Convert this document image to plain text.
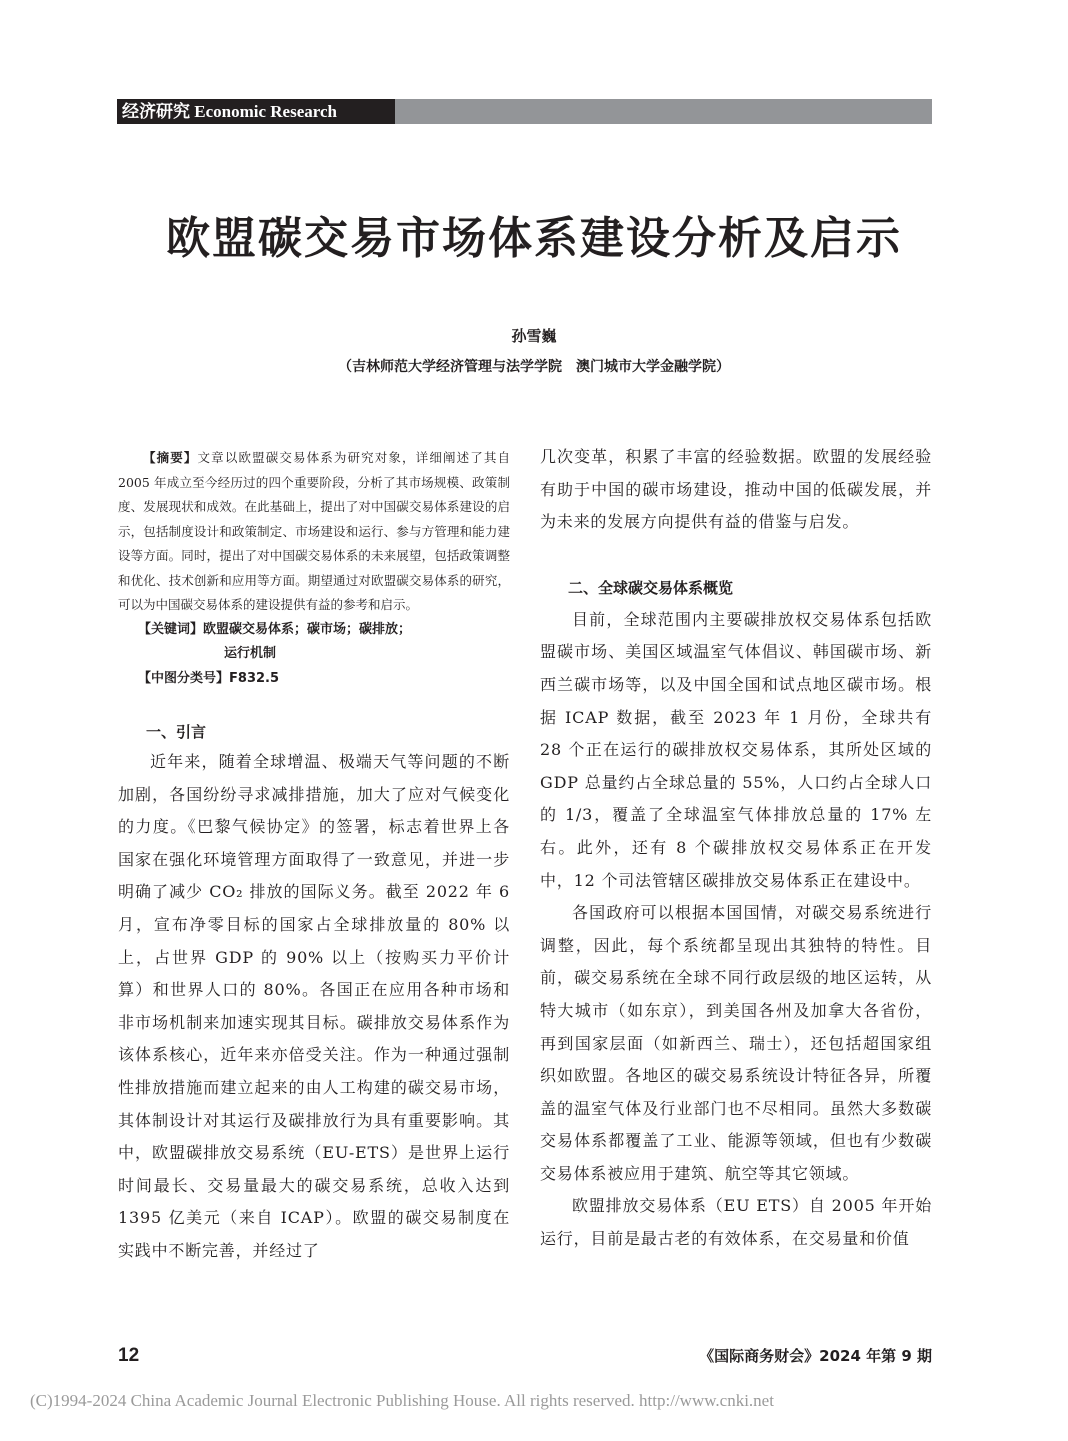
经济研究 Economic Research
欧盟碳交易市场体系建设分析及启示
孙雪巍
（吉林师范大学经济管理与法学学院　澳门城市大学金融学院）

【摘要】文章以欧盟碳交易体系为研究对象，详细阐述了其自 2005 年成立至今经历过的四个重要阶段，分析了其市场规模、政策制度、发展现状和成效。在此基础上，提出了对中国碳交易体系建设的启示，包括制度设计和政策制定、市场建设和运行、参与方管理和能力建设等方面。同时，提出了对中国碳交易体系的未来展望，包括政策调整和优化、技术创新和应用等方面。期望通过对欧盟碳交易体系的研究，可以为中国碳交易体系的建设提供有益的参考和启示。

【关键词】欧盟碳交易体系；碳市场；碳排放；

运行机制

【中图分类号】F832.5

一、引言

近年来，随着全球增温、极端天气等问题的不断加剧，各国纷纷寻求减排措施，加大了应对气候变化的力度。《巴黎气候协定》的签署，标志着世界上各国家在强化环境管理方面取得了一致意见，并进一步明确了减少 CO₂ 排放的国际义务。截至 2022 年 6 月，宣布净零目标的国家占全球排放量的 80% 以上，占世界 GDP 的 90% 以上（按购买力平价计算）和世界人口的 80%。各国正在应用各种市场和非市场机制来加速实现其目标。碳排放交易体系作为该体系核心，近年来亦倍受关注。作为一种通过强制性排放措施而建立起来的由人工构建的碳交易市场，其体制设计对其运行及碳排放行为具有重要影响。其中，欧盟碳排放交易系统（EU-ETS）是世界上运行时间最长、交易量最大的碳交易系统，总收入达到 1395 亿美元（来自 ICAP）。欧盟的碳交易制度在实践中不断完善，并经过了

几次变革，积累了丰富的经验数据。欧盟的发展经验有助于中国的碳市场建设，推动中国的低碳发展，并为未来的发展方向提供有益的借鉴与启发。

二、全球碳交易体系概览

目前，全球范围内主要碳排放权交易体系包括欧盟碳市场、美国区域温室气体倡议、韩国碳市场、新西兰碳市场等，以及中国全国和试点地区碳市场。根据 ICAP 数据，截至 2023 年 1 月份，全球共有 28 个正在运行的碳排放权交易体系，其所处区域的 GDP 总量约占全球总量的 55%，人口约占全球人口的 1/3，覆盖了全球温室气体排放总量的 17% 左右。此外，还有 8 个碳排放权交易体系正在开发中，12 个司法管辖区碳排放交易体系正在建设中。

各国政府可以根据本国国情，对碳交易系统进行调整，因此，每个系统都呈现出其独特的特性。目前，碳交易系统在全球不同行政层级的地区运转，从特大城市（如东京），到美国各州及加拿大各省份，再到国家层面（如新西兰、瑞士），还包括超国家组织如欧盟。各地区的碳交易系统设计特征各异，所覆盖的温室气体及行业部门也不尽相同。虽然大多数碳交易体系都覆盖了工业、能源等领域，但也有少数碳交易体系被应用于建筑、航空等其它领域。

欧盟排放交易体系（EU ETS）自 2005 年开始运行，目前是最古老的有效体系，在交易量和价值

12	《国际商务财会》2024 年第 9 期
(C)1994-2024 China Academic Journal Electronic Publishing House. All rights reserved. http://www.cnki.net
